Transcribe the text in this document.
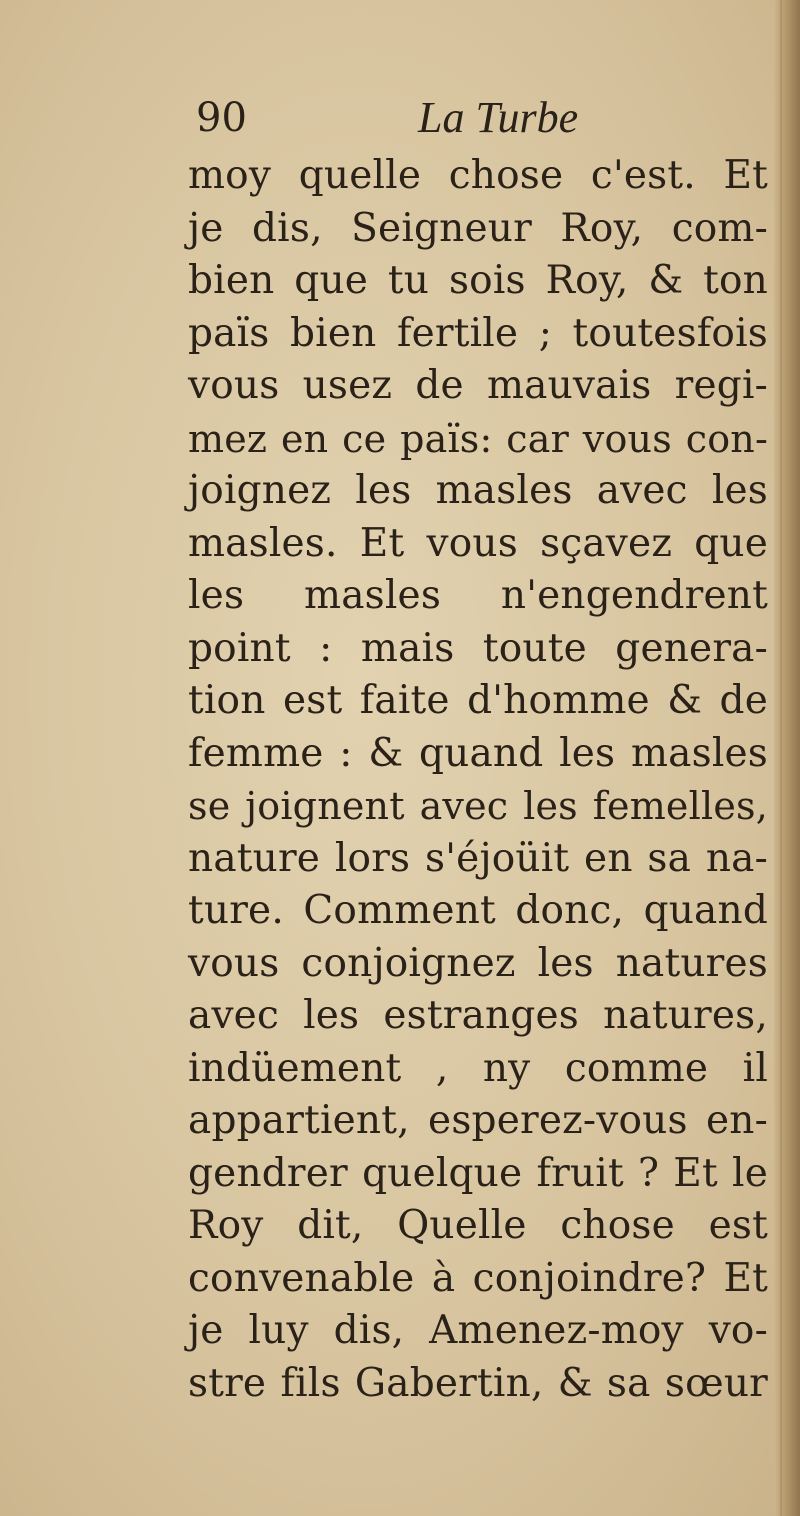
90	La Turbe
moy quelle chose c'est. Et
je dis, Seigneur Roy, com-
bien que tu sois Roy, & ton
païs bien fertile ; toutesfois
vous usez de mauvais regi-
mez en ce païs: car vous con-
joignez les masles avec les
masles. Et vous sçavez que
les masles n'engendrent
point : mais toute genera-
tion est faite d'homme & de
femme : & quand les masles
se joignent avec les femelles,
nature lors s'éjoüit en sa na-
ture. Comment donc, quand
vous conjoignez les natures
avec les estranges natures,
indüement , ny comme il
appartient, esperez-vous en-
gendrer quelque fruit ? Et le
Roy dit, Quelle chose est
convenable à conjoindre? Et
je luy dis, Amenez-moy vo-
stre fils Gabertin, & sa sœur
